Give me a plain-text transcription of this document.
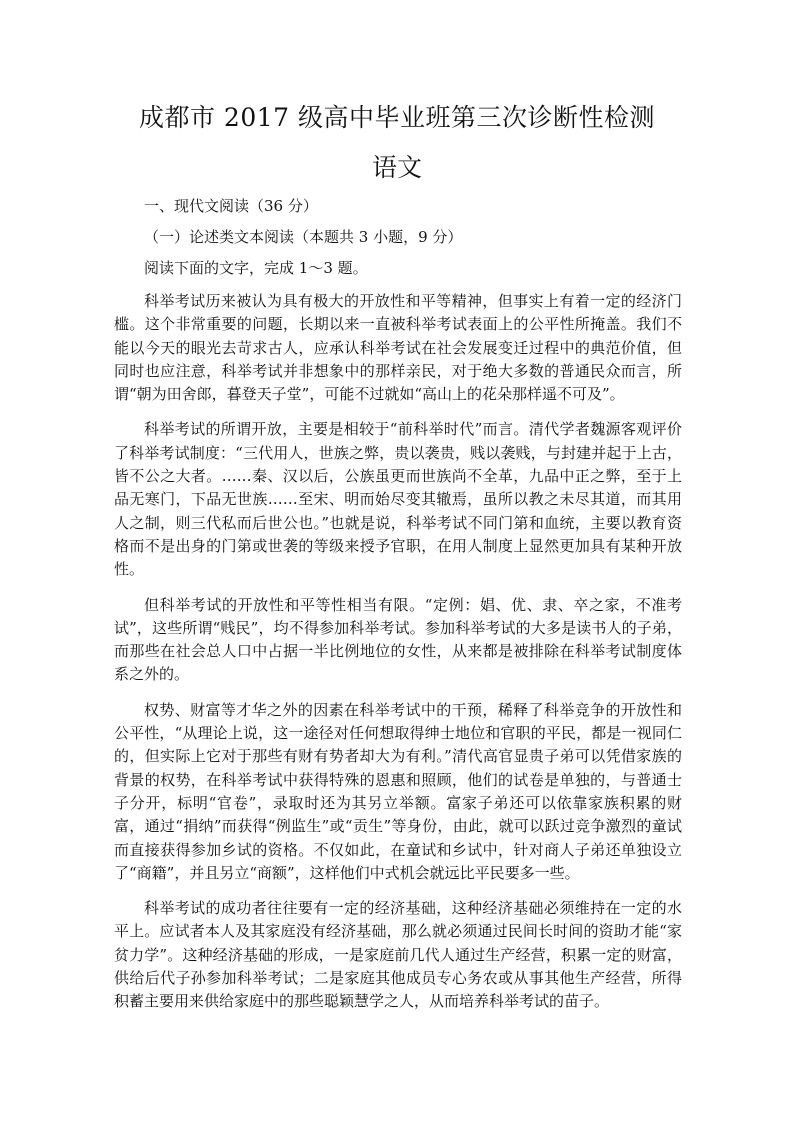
成都市 2017 级高中毕业班第三次诊断性检测
语文
一、现代文阅读（36 分）
（一）论述类文本阅读（本题共 3 小题，9 分）
阅读下面的文字，完成 1～3 题。

科举考试历来被认为具有极大的开放性和平等精神，但事实上有着一定的经济门槛。这个非常重要的问题，长期以来一直被科举考试表面上的公平性所掩盖。我们不能以今天的眼光去苛求古人，应承认科举考试在社会发展变迁过程中的典范价值，但同时也应注意，科举考试并非想象中的那样亲民，对于绝大多数的普通民众而言，所谓“朝为田舍郎，暮登天子堂”，可能不过就如“高山上的花朵那样遥不可及”。

科举考试的所谓开放，主要是相较于“前科举时代”而言。清代学者魏源客观评价了科举考试制度：“三代用人，世族之弊，贵以袭贵，贱以袭贱，与封建并起于上古，皆不公之大者。……秦、汉以后，公族虽更而世族尚不全革，九品中正之弊，至于上品无寒门，下品无世族……至宋、明而始尽变其辙焉，虽所以教之未尽其道，而其用人之制，则三代私而后世公也。”也就是说，科举考试不同门第和血统，主要以教育资格而不是出身的门第或世袭的等级来授予官职，在用人制度上显然更加具有某种开放性。

但科举考试的开放性和平等性相当有限。“定例：娼、优、隶、卒之家，不准考试”，这些所谓“贱民”，均不得参加科举考试。参加科举考试的大多是读书人的子弟，而那些在社会总人口中占据一半比例地位的女性，从来都是被排除在科举考试制度体系之外的。

权势、财富等才华之外的因素在科举考试中的干预，稀释了科举竞争的开放性和公平性，“从理论上说，这一途径对任何想取得绅士地位和官职的平民，都是一视同仁的，但实际上它对于那些有财有势者却大为有利。”清代高官显贵子弟可以凭借家族的背景的权势，在科举考试中获得特殊的恩惠和照顾，他们的试卷是单独的，与普通士子分开，标明“官卷”，录取时还为其另立举额。富家子弟还可以依靠家族积累的财富，通过“捐纳”而获得“例监生”或“贡生”等身份，由此，就可以跃过竞争激烈的童试而直接获得参加乡试的资格。不仅如此，在童试和乡试中，针对商人子弟还单独设立了“商籍”，并且另立“商额”，这样他们中式机会就远比平民要多一些。

科举考试的成功者往往要有一定的经济基础，这种经济基础必须维持在一定的水平上。应试者本人及其家庭没有经济基础，那么就必须通过民间长时间的资助才能“家贫力学”。这种经济基础的形成，一是家庭前几代人通过生产经营，积累一定的财富，供给后代子孙参加科举考试；二是家庭其他成员专心务农或从事其他生产经营，所得积蓄主要用来供给家庭中的那些聪颖慧学之人，从而培养科举考试的苗子。
